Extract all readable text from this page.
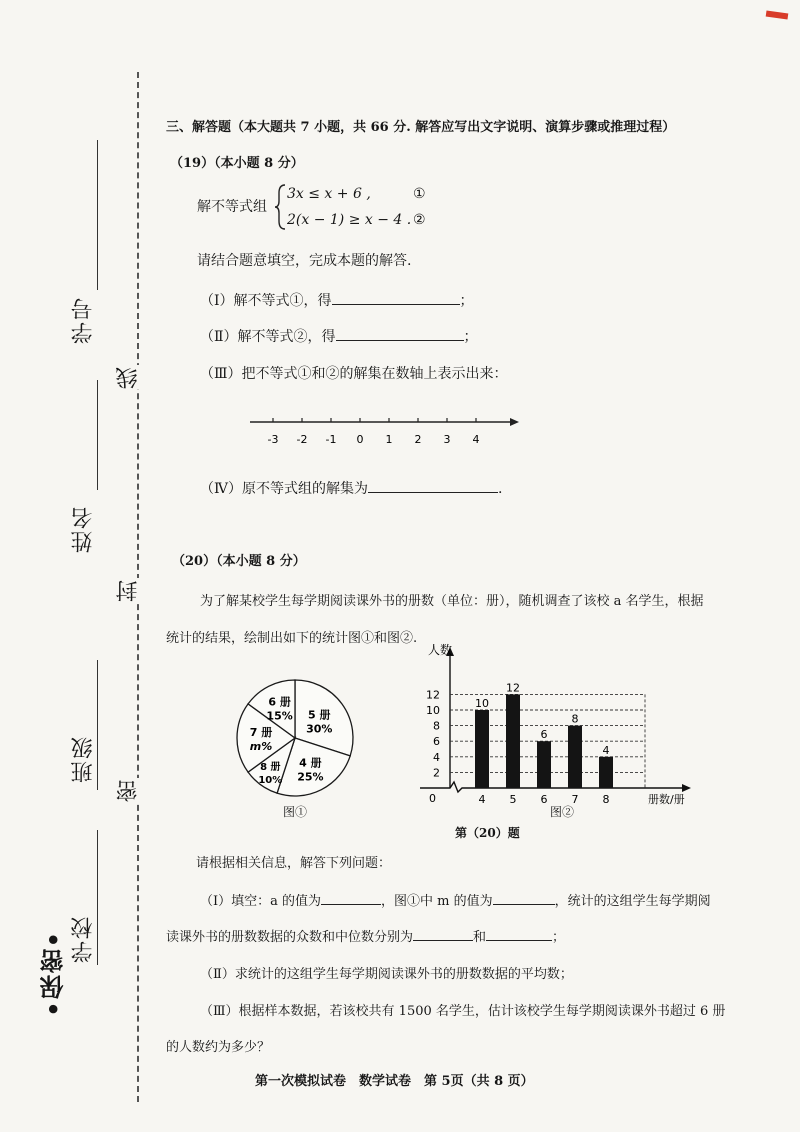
•保密• 学校
班级
姓名
学号
密
封
线
三、解答题（本大题共 7 小题，共 66 分. 解答应写出文字说明、演算步骤或推理过程）
（19）（本小题 8 分）
解不等式组
3x ≤ x + 6 ,	①
2(x − 1) ≥ x − 4 . ②
请结合题意填空，完成本题的解答.
（Ⅰ）解不等式①，得	；
（Ⅱ）解不等式②，得	；
（Ⅲ）把不等式①和②的解集在数轴上表示出来：
-3 -2 -1 0 1 2 3 4
（Ⅳ）原不等式组的解集为	.
（20）（本小题 8 分）
为了解某校学生每学期阅读课外书的册数（单位：册），随机调查了该校 a 名学生，根据
统计的结果，绘制出如下的统计图①和图②.
5 册
30%
4 册
25%
8 册
10%
7 册
m%
6 册
15%
图①
2
4
6
8
10
12
0
10
4
12
5
6
6
8
7
4
8
人数
册数/册
图②
第（20）题
请根据相关信息，解答下列问题：
（Ⅰ）填空：a 的值为	，图①中 m 的值为	，统计的这组学生每学期阅
读课外书的册数数据的众数和中位数分别为	和	；
（Ⅱ）求统计的这组学生每学期阅读课外书的册数数据的平均数；
（Ⅲ）根据样本数据，若该校共有 1500 名学生，估计该校学生每学期阅读课外书超过 6 册
的人数约为多少？
第一次模拟试卷　数学试卷　第 5页（共 8 页）
